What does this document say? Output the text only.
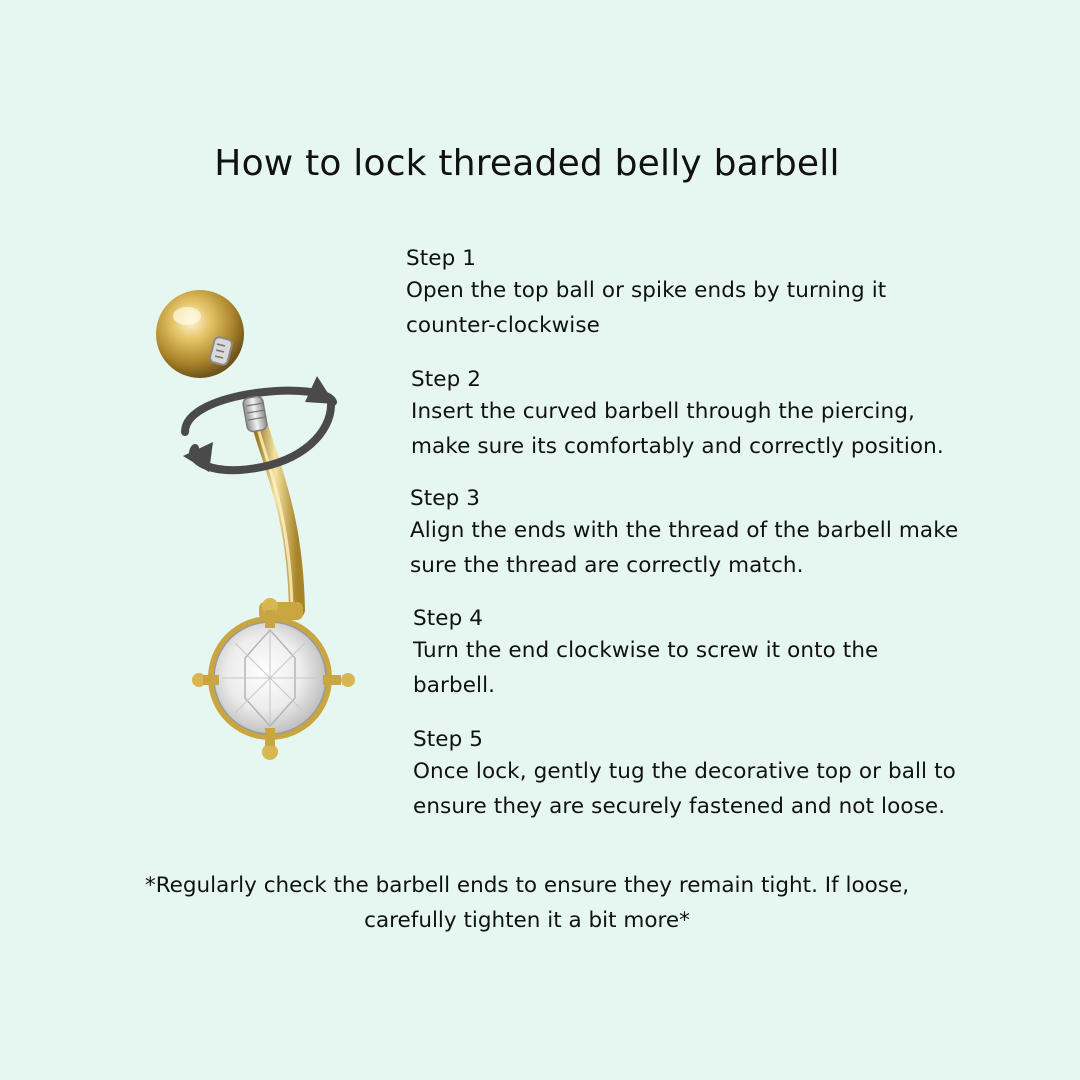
How to lock threaded belly barbell
Step 1
Open the top ball or spike ends by turning it
counter-clockwise
Step 2
Insert the curved barbell through the piercing,
make sure its comfortably and correctly position.
Step 3
Align the ends with the thread of the barbell make
sure the thread are correctly match.
Step 4
Turn the end clockwise to screw it onto the
barbell.
Step 5
Once lock, gently tug the decorative top or ball to
ensure they are securely fastened and not loose.
*Regularly check the barbell ends to ensure they remain tight. If loose,
carefully tighten it a bit more*
